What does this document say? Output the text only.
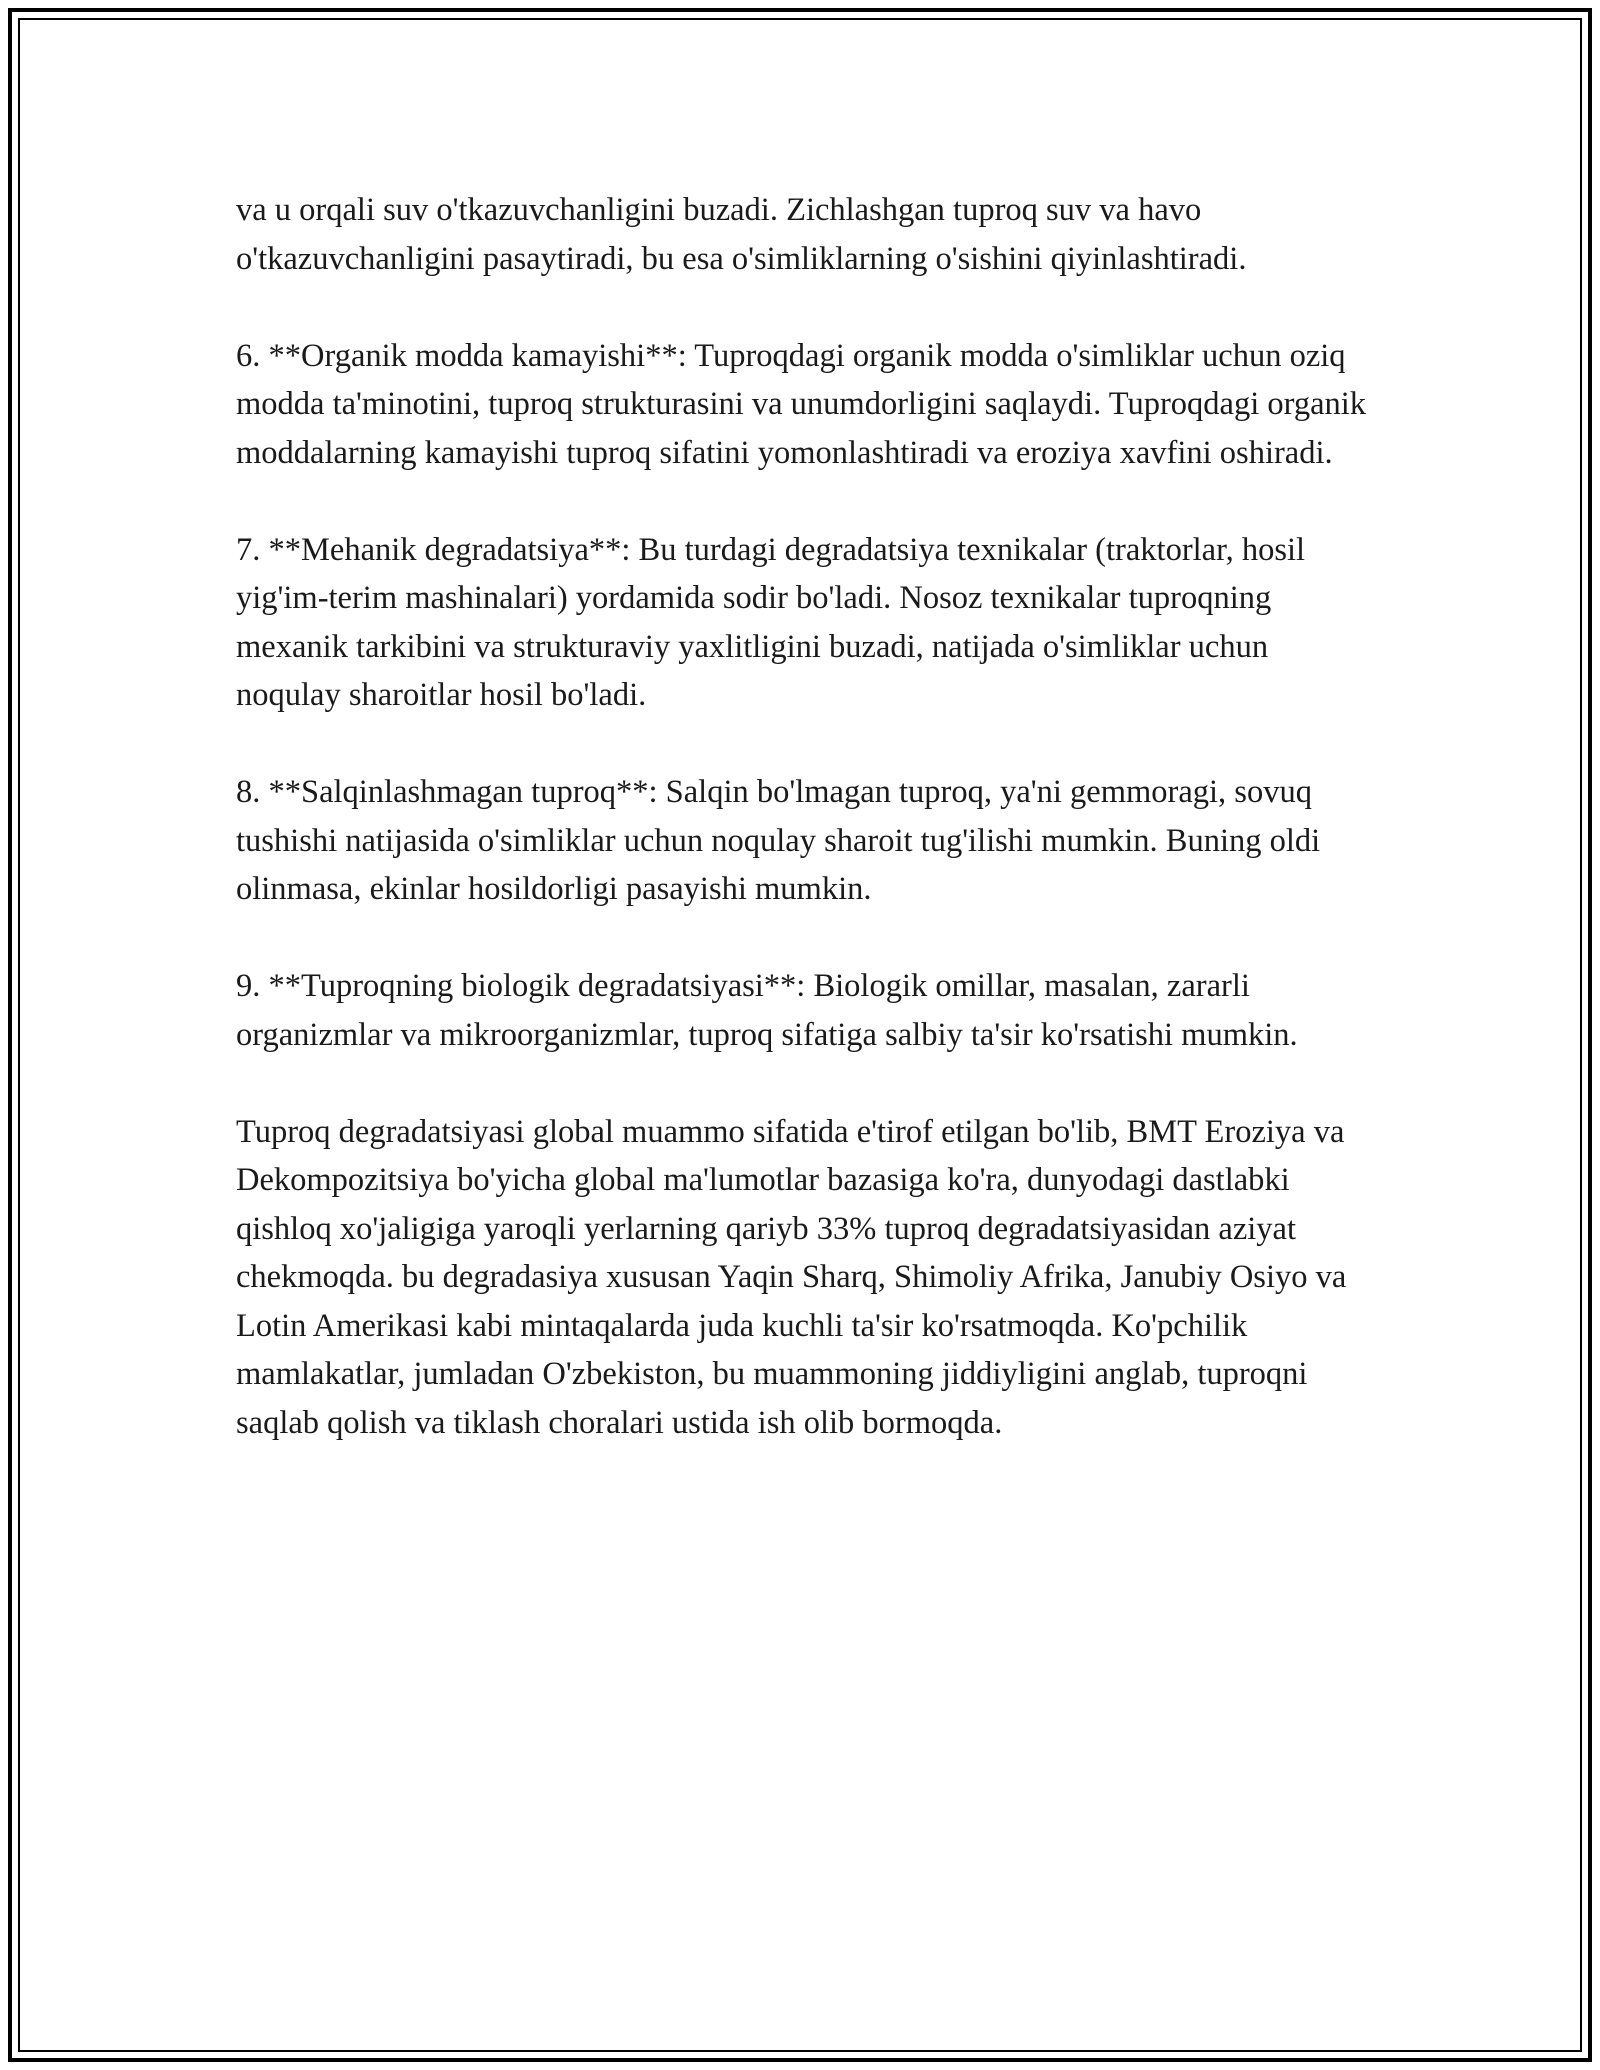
va u orqali suv o'tkazuvchanligini buzadi. Zichlashgan tuproq suv va havo o'tkazuvchanligini pasaytiradi, bu esa o'simliklarning o'sishini qiyinlashtiradi.

6. **Organik modda kamayishi**: Tuproqdagi organik modda o'simliklar uchun oziq modda ta'minotini, tuproq strukturasini va unumdorligini saqlaydi. Tuproqdagi organik moddalarning kamayishi tuproq sifatini yomonlashtiradi va eroziya xavfini oshiradi.

7. **Mehanik degradatsiya**: Bu turdagi degradatsiya texnikalar (traktorlar, hosil yig'im-terim mashinalari) yordamida sodir bo'ladi. Nosoz texnikalar tuproqning mexanik tarkibini va strukturaviy yaxlitligini buzadi, natijada o'simliklar uchun noqulay sharoitlar hosil bo'ladi.

8. **Salqinlashmagan tuproq**: Salqin bo'lmagan tuproq, ya'ni gemmoragi, sovuq tushishi natijasida o'simliklar uchun noqulay sharoit tug'ilishi mumkin. Buning oldi olinmasa, ekinlar hosildorligi pasayishi mumkin.

9. **Tuproqning biologik degradatsiyasi**: Biologik omillar, masalan, zararli organizmlar va mikroorganizmlar, tuproq sifatiga salbiy ta'sir ko'rsatishi mumkin.

Tuproq degradatsiyasi global muammo sifatida e'tirof etilgan bo'lib, BMT Eroziya va Dekompozitsiya bo'yicha global ma'lumotlar bazasiga ko'ra, dunyodagi dastlabki qishloq xo'jaligiga yaroqli yerlarning qariyb 33% tuproq degradatsiyasidan aziyat chekmoqda. bu degradasiya xususan Yaqin Sharq, Shimoliy Afrika, Janubiy Osiyo va Lotin Amerikasi kabi mintaqalarda juda kuchli ta'sir ko'rsatmoqda. Ko'pchilik mamlakatlar, jumladan O'zbekiston, bu muammoning jiddiyligini anglab, tuproqni saqlab qolish va tiklash choralari ustida ish olib bormoqda.
